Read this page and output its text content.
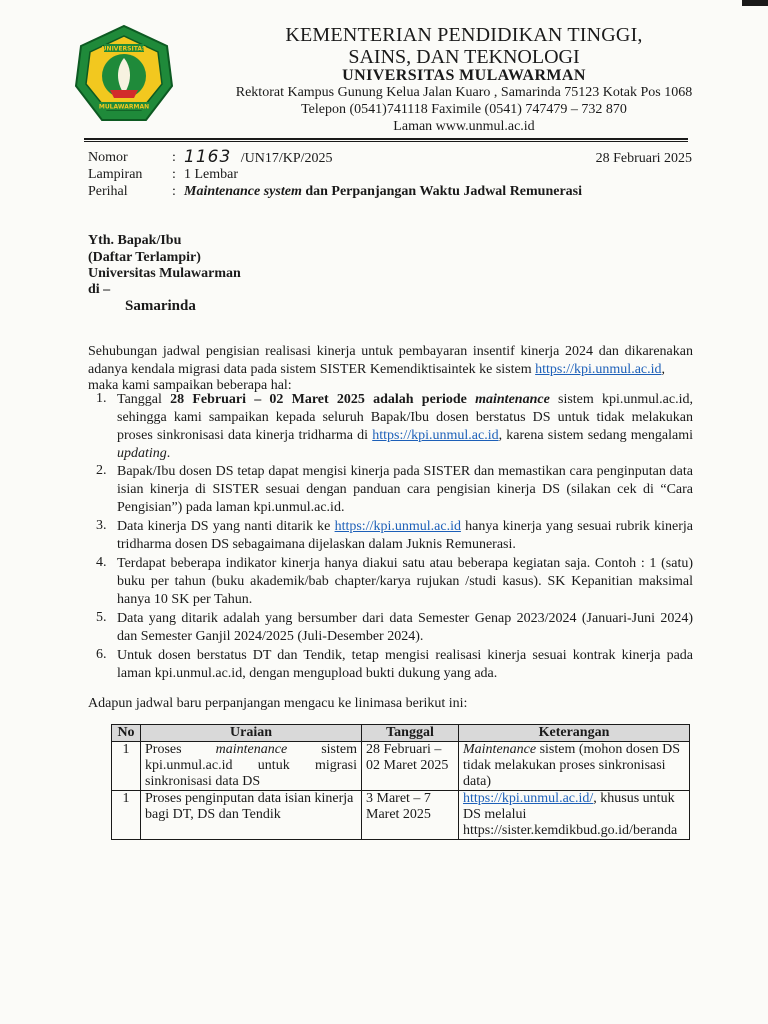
UNIVERSITAS
MULAWARMAN
KEMENTERIAN PENDIDIKAN TINGGI,
SAINS, DAN TEKNOLOGI
UNIVERSITAS MULAWARMAN
Rektorat Kampus Gunung Kelua Jalan Kuaro , Samarinda 75123 Kotak Pos 1068
Telepon (0541)741118 Faximile (0541) 747479 – 732 870
Laman www.unmul.ac.id
Nomor	: 1163 /UN17/KP/2025	28 Februari 2025
Lampiran	: 1 Lembar
Perihal	: Maintenance system dan Perpanjangan Waktu Jadwal Remunerasi
Yth. Bapak/Ibu
(Daftar Terlampir)
Universitas Mulawarman
di –
Samarinda
Sehubungan jadwal pengisian realisasi kinerja untuk pembayaran insentif kinerja 2024 dan dikarenakan adanya kendala migrasi data pada sistem SISTER Kemendiktisaintek ke sistem https://kpi.unmul.ac.id,
maka kami sampaikan beberapa hal:
1. Tanggal 28 Februari – 02 Maret 2025 adalah periode maintenance sistem kpi.unmul.ac.id, sehingga kami sampaikan kepada seluruh Bapak/Ibu dosen berstatus DS untuk tidak melakukan proses sinkronisasi data kinerja tridharma di https://kpi.unmul.ac.id, karena sistem sedang mengalami updating.
2. Bapak/Ibu dosen DS tetap dapat mengisi kinerja pada SISTER dan memastikan cara penginputan data isian kinerja di SISTER sesuai dengan panduan cara pengisian kinerja DS (silakan cek di “Cara Pengisian”) pada laman kpi.unmul.ac.id.
3. Data kinerja DS yang nanti ditarik ke https://kpi.unmul.ac.id hanya kinerja yang sesuai rubrik kinerja tridharma dosen DS sebagaimana dijelaskan dalam Juknis Remunerasi.
4. Terdapat beberapa indikator kinerja hanya diakui satu atau beberapa kegiatan saja. Contoh : 1 (satu) buku per tahun (buku akademik/bab chapter/karya rujukan /studi kasus). SK Kepanitian maksimal hanya 10 SK per Tahun.
5. Data yang ditarik adalah yang bersumber dari data Semester Genap 2023/2024 (Januari-Juni 2024) dan Semester Ganjil 2024/2025 (Juli-Desember 2024).
6. Untuk dosen berstatus DT dan Tendik, tetap mengisi realisasi kinerja sesuai kontrak kinerja pada laman kpi.unmul.ac.id, dengan mengupload bukti dukung yang ada.
Adapun jadwal baru perpanjangan mengacu ke linimasa berikut ini:
No	Uraian	Tanggal	Keterangan
1	Proses maintenance sistem kpi.unmul.ac.id untuk migrasi sinkronisasi data DS	28 Februari – 02 Maret 2025	Maintenance sistem (mohon dosen DS tidak melakukan proses sinkronisasi data)
1	Proses penginputan data isian kinerja bagi DT, DS dan Tendik	3 Maret – 7 Maret 2025	https://kpi.unmul.ac.id/, khusus untuk DS melalui https://sister.kemdikbud.go.id/beranda
